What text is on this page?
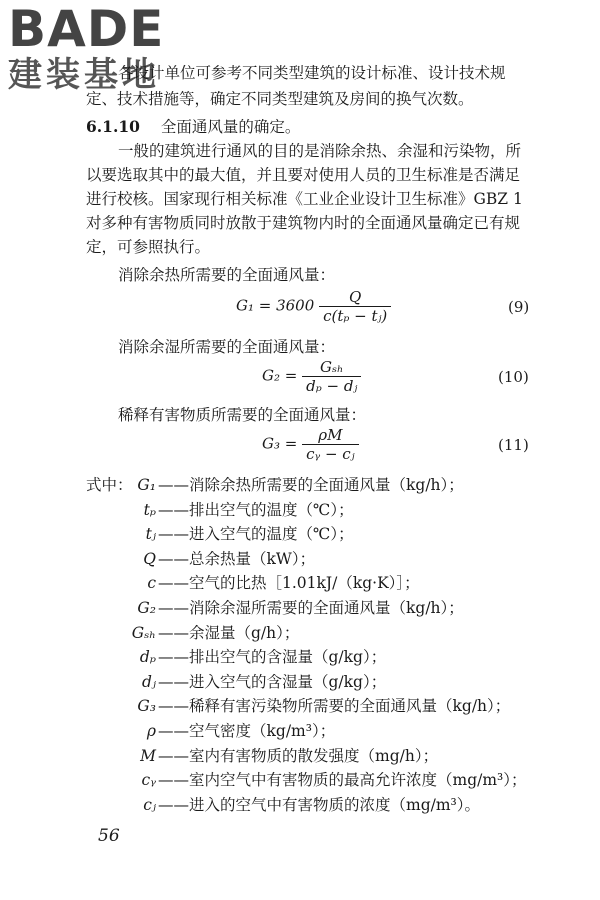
BADE
建装基地
各设计单位可参考不同类型建筑的设计标准、设计技术规
定、技术措施等，确定不同类型建筑及房间的换气次数。
6.1.10 全面通风量的确定。
一般的建筑进行通风的目的是消除余热、余湿和污染物，所
以要选取其中的最大值，并且要对使用人员的卫生标准是否满足
进行校核。国家现行相关标准《工业企业设计卫生标准》GBZ 1
对多种有害物质同时放散于建筑物内时的全面通风量确定已有规
定，可参照执行。
消除余热所需要的全面通风量：
$G_1 = 3600 \frac{Q}{\text{c(tₚ − tⱼ)}}$	(9)
消除余湿所需要的全面通风量：
$G_2 = \frac{\text{Gₛₕ}}{\text{dₚ − dⱼ}}$	(10)
稀释有害物质所需要的全面通风量：
$G_3 = \frac{\rho M}{\text{cᵧ − cⱼ}}$	(11)
式中： G₁ ——消除余热所需要的全面通风量（kg/h）；
tₚ ——排出空气的温度（℃）；
tⱼ ——进入空气的温度（℃）；
Q ——总余热量（kW）；
c ——空气的比热［1.01kJ/（kg·K）］；
G₂ ——消除余湿所需要的全面通风量（kg/h）；
Gₛₕ ——余湿量（g/h）；
dₚ ——排出空气的含湿量（g/kg）；
dⱼ ——进入空气的含湿量（g/kg）；
G₃ ——稀释有害污染物所需要的全面通风量（kg/h）；
ρ ——空气密度（kg/m³）；
M ——室内有害物质的散发强度（mg/h）；
cᵧ ——室内空气中有害物质的最高允许浓度（mg/m³）；
cⱼ ——进入的空气中有害物质的浓度（mg/m³）。
56
